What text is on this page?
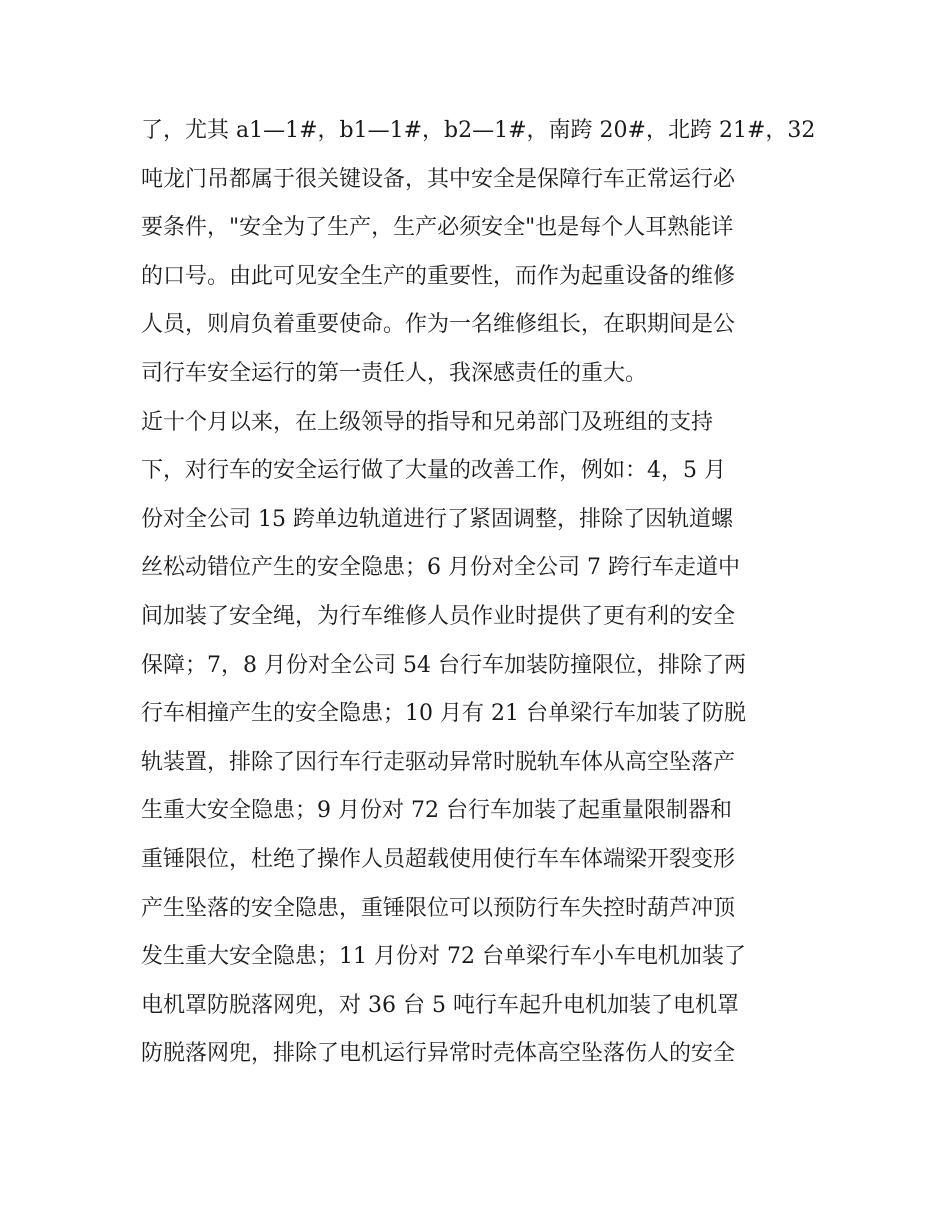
了，尤其 a1—1#，b1—1#，b2—1#，南跨 20#，北跨 21#，32
吨龙门吊都属于很关键设备，其中安全是保障行车正常运行必
要条件，"安全为了生产，生产必须安全"也是每个人耳熟能详
的口号。由此可见安全生产的重要性，而作为起重设备的维修
人员，则肩负着重要使命。作为一名维修组长，在职期间是公
司行车安全运行的第一责任人，我深感责任的重大。
近十个月以来，在上级领导的指导和兄弟部门及班组的支持
下，对行车的安全运行做了大量的改善工作，例如：4，5 月
份对全公司 15 跨单边轨道进行了紧固调整，排除了因轨道螺
丝松动错位产生的安全隐患；6 月份对全公司 7 跨行车走道中
间加装了安全绳，为行车维修人员作业时提供了更有利的安全
保障；7，8 月份对全公司 54 台行车加装防撞限位，排除了两
行车相撞产生的安全隐患；10 月有 21 台单梁行车加装了防脱
轨装置，排除了因行车行走驱动异常时脱轨车体从高空坠落产
生重大安全隐患；9 月份对 72 台行车加装了起重量限制器和
重锤限位，杜绝了操作人员超载使用使行车车体端梁开裂变形
产生坠落的安全隐患，重锤限位可以预防行车失控时葫芦冲顶
发生重大安全隐患；11 月份对 72 台单梁行车小车电机加装了
电机罩防脱落网兜，对 36 台 5 吨行车起升电机加装了电机罩
防脱落网兜，排除了电机运行异常时壳体高空坠落伤人的安全
